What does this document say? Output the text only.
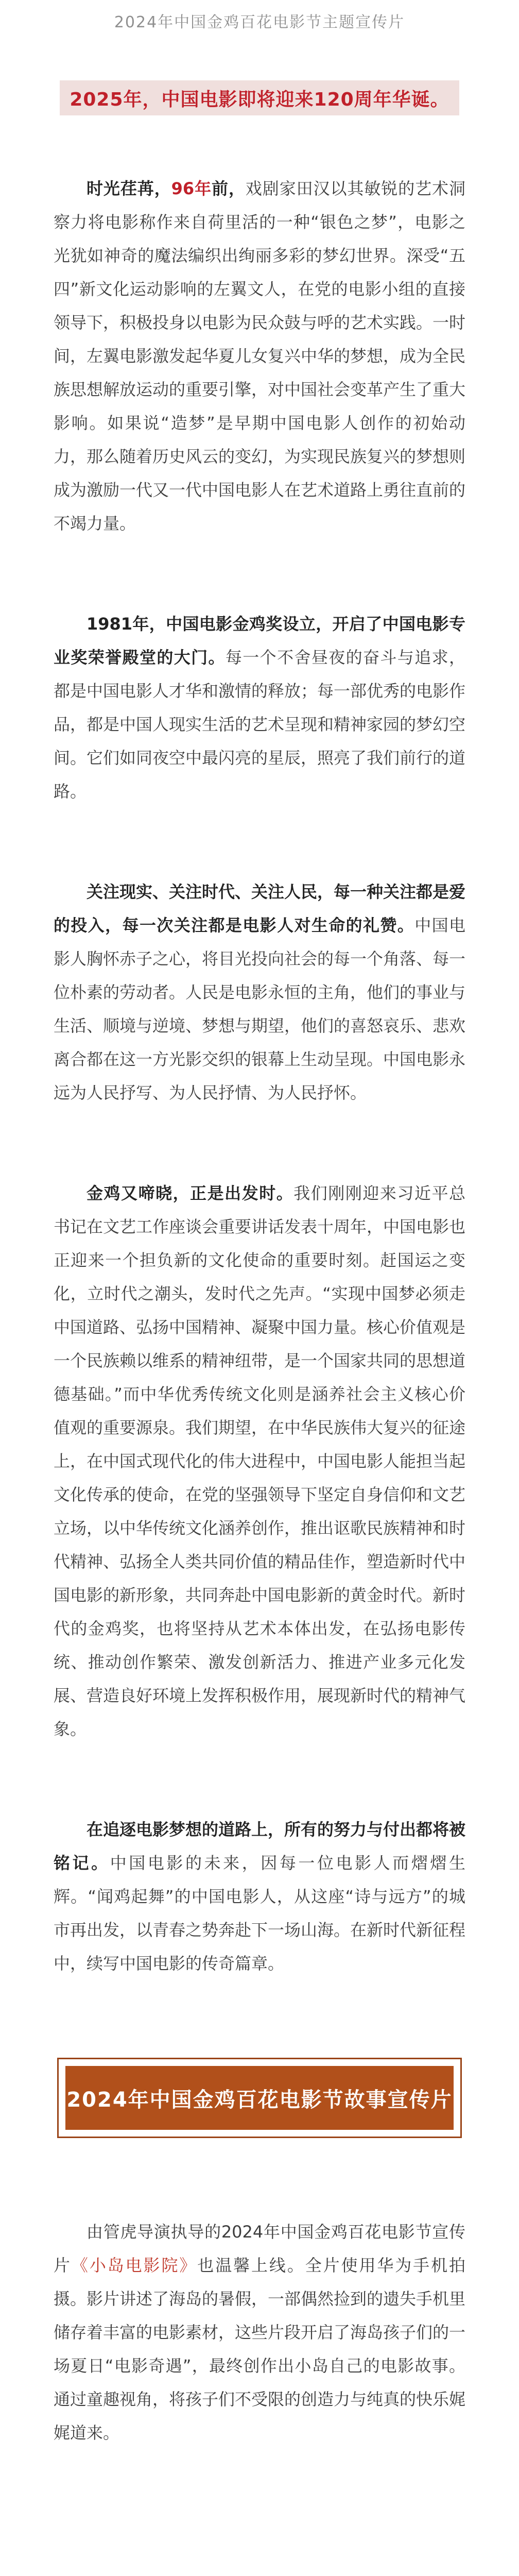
2024年中国金鸡百花电影节主题宣传片
2025年，中国电影即将迎来120周年华诞。

时光荏苒，96年前，戏剧家田汉以其敏锐的艺术洞察力将电影称作来自荷里活的一种“银色之梦”，电影之光犹如神奇的魔法编织出绚丽多彩的梦幻世界。深受“五四”新文化运动影响的左翼文人，在党的电影小组的直接领导下，积极投身以电影为民众鼓与呼的艺术实践。一时间，左翼电影激发起华夏儿女复兴中华的梦想，成为全民族思想解放运动的重要引擎，对中国社会变革产生了重大影响。如果说“造梦”是早期中国电影人创作的初始动力，那么随着历史风云的变幻，为实现民族复兴的梦想则成为激励一代又一代中国电影人在艺术道路上勇往直前的不竭力量。

1981年，中国电影金鸡奖设立，开启了中国电影专业奖荣誉殿堂的大门。每一个不舍昼夜的奋斗与追求，都是中国电影人才华和激情的释放；每一部优秀的电影作品，都是中国人现实生活的艺术呈现和精神家园的梦幻空间。它们如同夜空中最闪亮的星辰，照亮了我们前行的道路。

关注现实、关注时代、关注人民，每一种关注都是爱的投入，每一次关注都是电影人对生命的礼赞。中国电影人胸怀赤子之心，将目光投向社会的每一个角落、每一位朴素的劳动者。人民是电影永恒的主角，他们的事业与生活、顺境与逆境、梦想与期望，他们的喜怒哀乐、悲欢离合都在这一方光影交织的银幕上生动呈现。中国电影永远为人民抒写、为人民抒情、为人民抒怀。

金鸡又啼晓，正是出发时。我们刚刚迎来习近平总书记在文艺工作座谈会重要讲话发表十周年，中国电影也正迎来一个担负新的文化使命的重要时刻。赶国运之变化，立时代之潮头，发时代之先声。“实现中国梦必须走中国道路、弘扬中国精神、凝聚中国力量。核心价值观是一个民族赖以维系的精神纽带，是一个国家共同的思想道德基础。”而中华优秀传统文化则是涵养社会主义核心价值观的重要源泉。我们期望，在中华民族伟大复兴的征途上，在中国式现代化的伟大进程中，中国电影人能担当起文化传承的使命，在党的坚强领导下坚定自身信仰和文艺立场，以中华传统文化涵养创作，推出讴歌民族精神和时代精神、弘扬全人类共同价值的精品佳作，塑造新时代中国电影的新形象，共同奔赴中国电影新的黄金时代。新时代的金鸡奖，也将坚持从艺术本体出发，在弘扬电影传统、推动创作繁荣、激发创新活力、推进产业多元化发展、营造良好环境上发挥积极作用，展现新时代的精神气象。

在追逐电影梦想的道路上，所有的努力与付出都将被铭记。中国电影的未来，因每一位电影人而熠熠生辉。“闻鸡起舞”的中国电影人，从这座“诗与远方”的城市再出发，以青春之势奔赴下一场山海。在新时代新征程中，续写中国电影的传奇篇章。

2024年中国金鸡百花电影节故事宣传片

由管虎导演执导的2024年中国金鸡百花电影节宣传片《小岛电影院》也温馨上线。全片使用华为手机拍摄。影片讲述了海岛的暑假，一部偶然捡到的遗失手机里储存着丰富的电影素材，这些片段开启了海岛孩子们的一场夏日“电影奇遇”，最终创作出小岛自己的电影故事。通过童趣视角，将孩子们不受限的创造力与纯真的快乐娓娓道来。
